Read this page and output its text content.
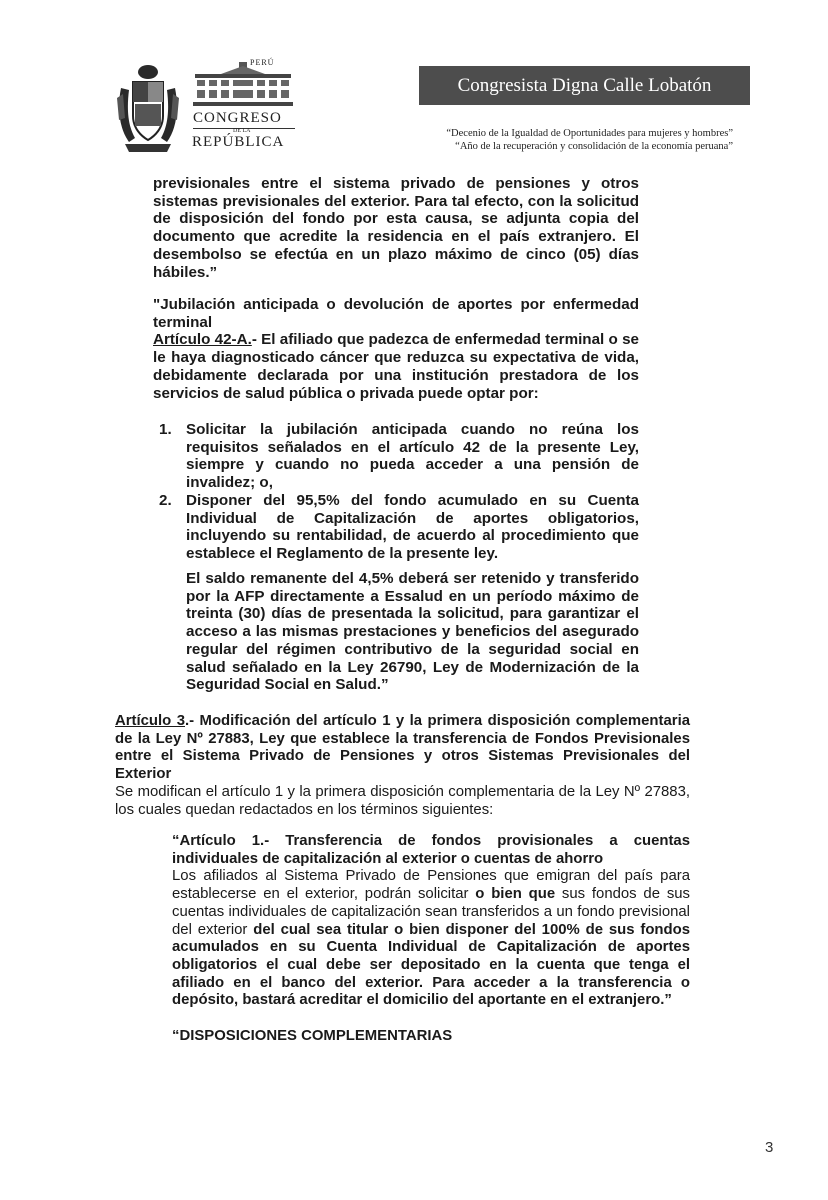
PERÚ
CONGRESO
DE LA
REPÚBLICA
Congresista Digna Calle Lobatón
“Decenio de la Igualdad de Oportunidades para mujeres y hombres”
“Año de la recuperación y consolidación de la economía peruana”

previsionales entre el sistema privado de pensiones y otros sistemas previsionales del exterior. Para tal efecto, con la solicitud de disposición del fondo por esta causa, se adjunta copia del documento que acredite la residencia en el país extranjero. El desembolso se efectúa en un plazo máximo de cinco (05) días hábiles.”

"Jubilación anticipada o devolución de aportes por enfermedad terminal
Artículo 42-A.- El afiliado que padezca de enfermedad terminal o se le haya diagnosticado cáncer que reduzca su expectativa de vida, debidamente declarada por una institución prestadora de los servicios de salud pública o privada puede optar por:

1. Solicitar la jubilación anticipada cuando no reúna los requisitos señalados en el artículo 42 de la presente Ley, siempre y cuando no pueda acceder a una pensión de invalidez; o,
2. Disponer del 95,5% del fondo acumulado en su Cuenta Individual de Capitalización de aportes obligatorios, incluyendo su rentabilidad, de acuerdo al procedimiento que establece el Reglamento de la presente ley.

El saldo remanente del 4,5% deberá ser retenido y transferido por la AFP directamente a Essalud en un período máximo de treinta (30) días de presentada la solicitud, para garantizar el acceso a las mismas prestaciones y beneficios del asegurado regular del régimen contributivo de la seguridad social en salud señalado en la Ley 26790, Ley de Modernización de la Seguridad Social en Salud.”

Artículo 3.- Modificación del artículo 1 y la primera disposición complementaria de la Ley Nº 27883, Ley que establece la transferencia de Fondos Previsionales entre el Sistema Privado de Pensiones y otros Sistemas Previsionales del Exterior
Se modifican el artículo 1 y la primera disposición complementaria de la Ley Nº 27883, los cuales quedan redactados en los términos siguientes:

“Artículo 1.- Transferencia de fondos provisionales a cuentas individuales de capitalización al exterior o cuentas de ahorro
Los afiliados al Sistema Privado de Pensiones que emigran del país para establecerse en el exterior, podrán solicitar o bien que sus fondos de sus cuentas individuales de capitalización sean transferidos a un fondo previsional del exterior del cual sea titular o bien disponer del 100% de sus fondos acumulados en su Cuenta Individual de Capitalización de aportes obligatorios el cual debe ser depositado en la cuenta que tenga el afiliado en el banco del exterior. Para acceder a la transferencia o depósito, bastará acreditar el domicilio del aportante en el extranjero.”

“DISPOSICIONES COMPLEMENTARIAS

3
